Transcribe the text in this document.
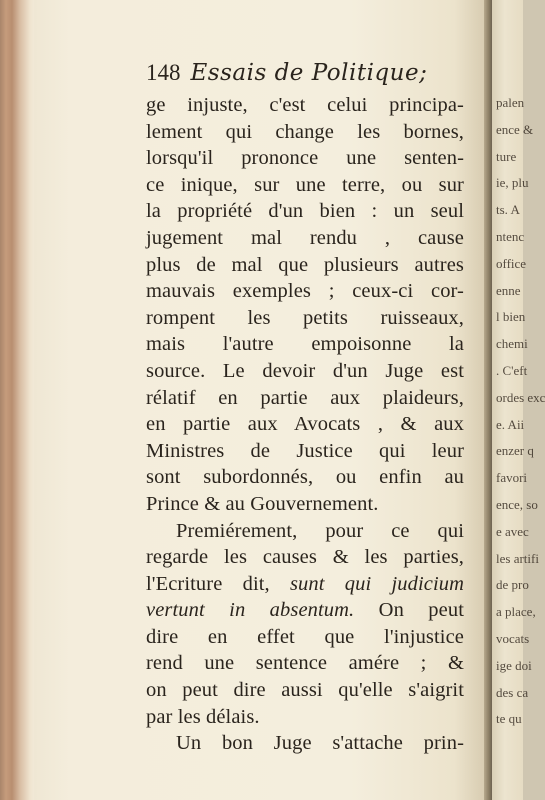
palen
ence &
ture
ie, plu
ts. A
ntenc
office
enne
l bien
chemi
. C'eft
ordes exc
e. Aii
enzer q
favori
ence, so
e avec
les artifi
de pro
a place,
vocats
ige doi
des ca
te qu
148 Essais de Politique;
ge injuste, c'est celui principa-
lement qui change les bornes,
lorsqu'il prononce une senten-
ce inique, sur une terre, ou sur
la propriété d'un bien : un seul
jugement mal rendu , cause
plus de mal que plusieurs autres
mauvais exemples ; ceux-ci cor-
rompent les petits ruisseaux,
mais l'autre empoisonne la
source. Le devoir d'un Juge est
rélatif en partie aux plaideurs,
en partie aux Avocats , & aux
Ministres de Justice qui leur
sont subordonnés, ou enfin au
Prince & au Gouvernement.
Premiérement, pour ce qui
regarde les causes & les parties,
l'Ecriture dit, sunt qui judicium
vertunt in absentum. On peut
dire en effet que l'injustice
rend une sentence amére ; &
on peut dire aussi qu'elle s'aigrit
par les délais.
Un bon Juge s'attache prin-
